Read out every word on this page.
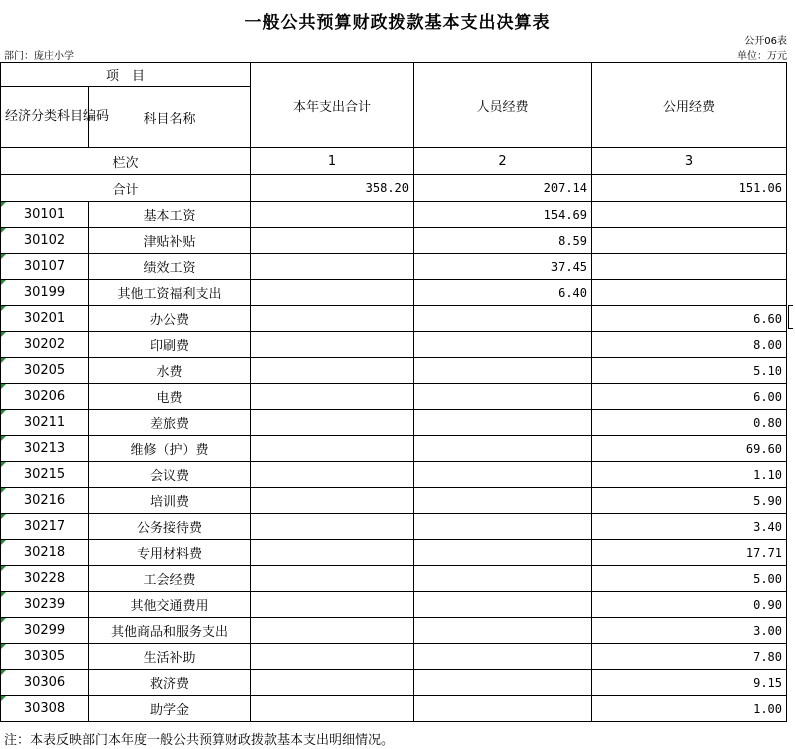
一般公共预算财政拨款基本支出决算表
公开06表
部门：庞庄小学	单位：万元
项　目		本年支出合计	人员经费	公用经费
经济分类科目编码	科目名称			
栏次		1	2	3
合计		358.20	207.14	151.06
30101	基本工资		154.69	
30102	津贴补贴		8.59	
30107	绩效工资		37.45	
30199	其他工资福利支出		6.40	
30201	办公费			6.60
30202	印刷费			8.00
30205	水费			5.10
30206	电费			6.00
30211	差旅费			0.80
30213	维修（护）费			69.60
30215	会议费			1.10
30216	培训费			5.90
30217	公务接待费			3.40
30218	专用材料费			17.71
30228	工会经费			5.00
30239	其他交通费用			0.90
30299	其他商品和服务支出			3.00
30305	生活补助			7.80
30306	救济费			9.15
30308	助学金			1.00
注：本表反映部门本年度一般公共预算财政拨款基本支出明细情况。
